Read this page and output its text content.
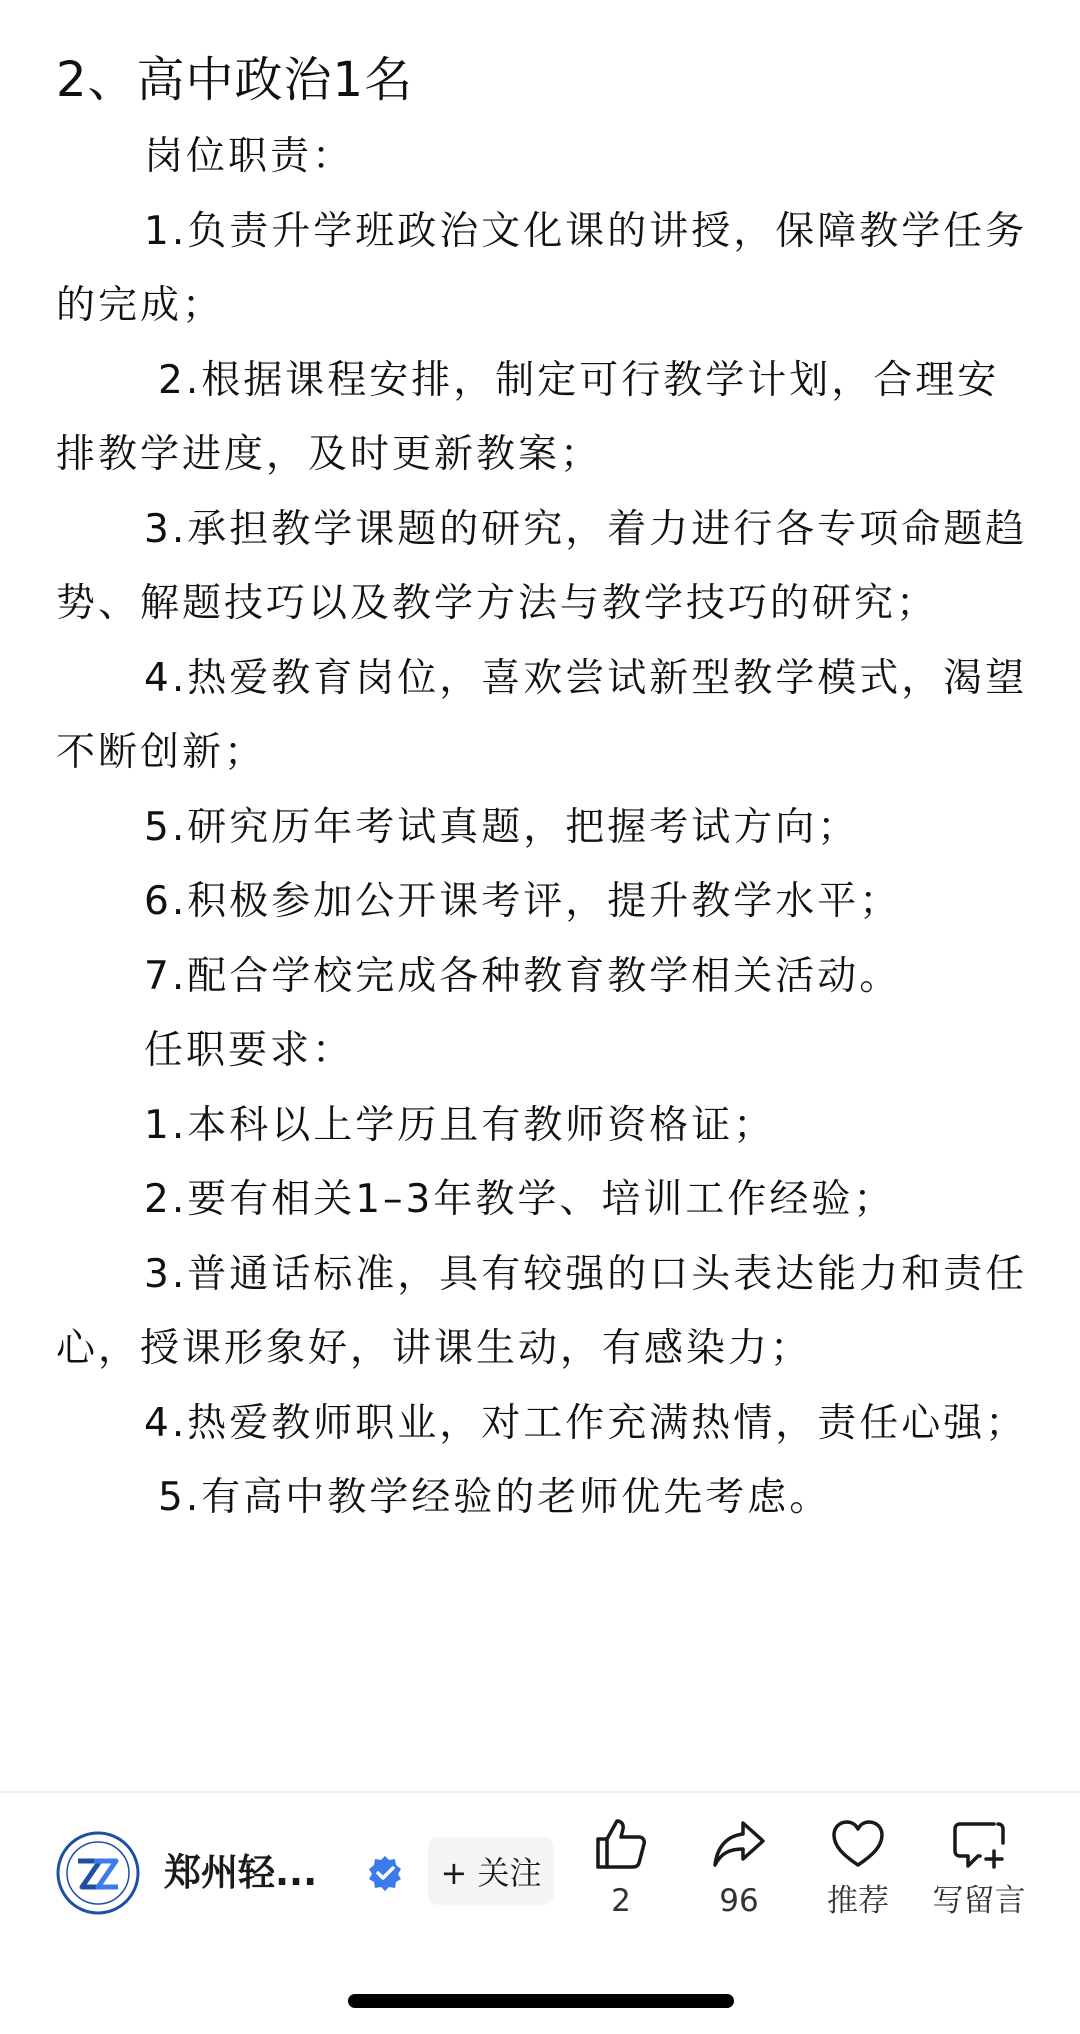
2、高中政治1名

岗位职责：

1.负责升学班政治文化课的讲授，保障教学任务的完成；

2.根据课程安排，制定可行教学计划，合理安排教学进度，及时更新教案；

3.承担教学课题的研究，着力进行各专项命题趋势、解题技巧以及教学方法与教学技巧的研究；

4.热爱教育岗位，喜欢尝试新型教学模式，渴望不断创新；

5.研究历年考试真题，把握考试方向；

6.积极参加公开课考评，提升教学水平；

7.配合学校完成各种教育教学相关活动。

任职要求：

1.本科以上学历且有教师资格证；

2.要有相关1–3年教学、培训工作经验；

3.普通话标准，具有较强的口头表达能力和责任心，授课形象好，讲课生动，有感染力；

4.热爱教师职业，对工作充满热情，责任心强；

5.有高中教学经验的老师优先考虑。

郑州轻...	+ 关注
2	96 推荐 写留言
